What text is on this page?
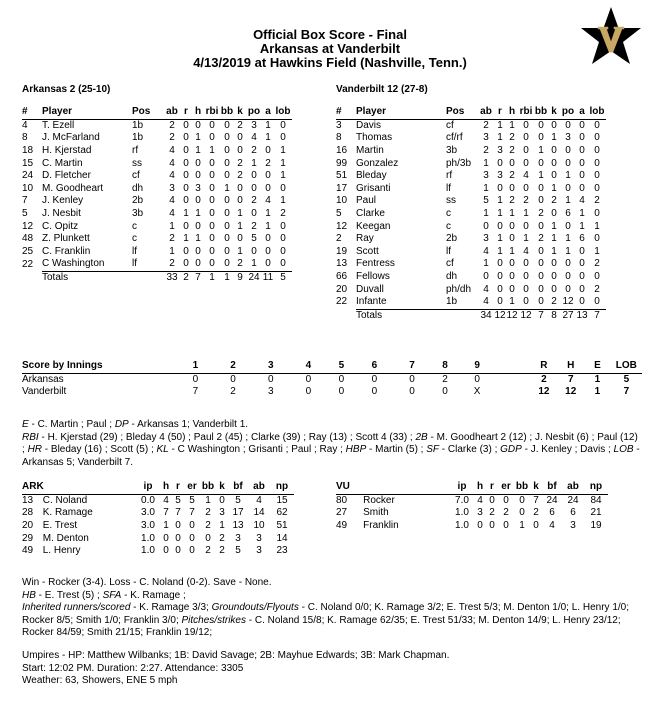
Official Box Score - Final
Arkansas at Vanderbilt
4/13/2019 at Hawkins Field (Nashville, Tenn.)
Arkansas 2 (25-10)	Vanderbilt 12 (27-8)
#	Player	Pos	ab	r	h	rbi	bb	k	po	a	lob
4	T. Ezell	1b	2	0	0	0	0	2	3	1	0
8	J. McFarland	1b	2	0	1	0	0	0	4	1	0
18	H. Kjerstad	rf	4	0	1	1	0	0	2	0	1
15	C. Martin	ss	4	0	0	0	0	2	1	2	1
24	D. Fletcher	cf	4	0	0	0	0	2	0	0	1
10	M. Goodheart	dh	3	0	3	0	1	0	0	0	0
7	J. Kenley	2b	4	0	0	0	0	0	2	4	1
5	J. Nesbit	3b	4	1	1	0	0	1	0	1	2
12	C. Opitz	c	1	0	0	0	0	1	2	1	0
48	Z. Plunkett	c	2	1	1	0	0	0	5	0	0
25	C. Franklin	lf	1	0	0	0	0	1	0	0	0
22	C Washington	lf	2	0	0	0	0	2	1	0	0
	Totals		33	2	7	1	1	9	24	11	5
#	Player	Pos	ab	r	h	rbi	bb	k	po	a	lob
3	Davis	cf	2	1	1	0	0	0	0	0	0
8	Thomas	cf/rf	3	1	2	0	0	1	3	0	0
16	Martin	3b	2	3	2	0	1	0	0	0	0
99	Gonzalez	ph/3b	1	0	0	0	0	0	0	0	0
51	Bleday	rf	3	3	2	4	1	0	1	0	0
17	Grisanti	lf	1	0	0	0	0	1	0	0	0
10	Paul	ss	5	1	2	2	0	2	1	4	2
5	Clarke	c	1	1	1	1	2	0	6	1	0
12	Keegan	c	0	0	0	0	0	1	0	1	1
2	Ray	2b	3	1	0	1	2	1	1	6	0
19	Scott	lf	4	1	1	4	0	1	1	0	1
13	Fentress	cf	1	0	0	0	0	0	0	0	2
66	Fellows	dh	0	0	0	0	0	0	0	0	0
20	Duvall	ph/dh	4	0	0	0	0	0	0	0	2
22	Infante	1b	4	0	1	0	0	2	12	0	0
	Totals		34	12	12	12	7	8	27	13	7
Score by Innings	1	2	3	4	5	6	7	8	9		R	H	E	LOB
Arkansas	0	0	0	0	0	0	0	2	0		2	7	1	5
Vanderbilt	7	2	3	0	0	0	0	0	X		12	12	1	7

E - C. Martin ; Paul ; DP - Arkansas 1; Vanderbilt 1.

RBI - H. Kjerstad (29) ; Bleday 4 (50) ; Paul 2 (45) ; Clarke (39) ; Ray (13) ; Scott 4 (33) ; 2B - M. Goodheart 2 (12) ; J. Nesbit (6) ; Paul (12) ; HR - Bleday (16) ; Scott (5) ; KL - C Washington ; Grisanti ; Paul ; Ray ; HBP - Martin (5) ; SF - Clarke (3) ; GDP - J. Kenley ; Davis ; LOB - Arkansas 5; Vanderbilt 7.

ARK		ip	h	r	er	bb	k	bf	ab	np
13	C. Noland	0.0	4	5	5	1	0	5	4	15
28	K. Ramage	3.0	7	7	7	2	3	17	14	62
20	E. Trest	3.0	1	0	0	2	1	13	10	51
29	M. Denton	1.0	0	0	0	0	2	3	3	14
49	L. Henry	1.0	0	0	0	2	2	5	3	23
VU		ip	h	r	er	bb	k	bf	ab	np
80	Rocker	7.0	4	0	0	0	7	24	24	84
27	Smith	1.0	3	2	2	0	2	6	6	21
49	Franklin	1.0	0	0	0	1	0	4	3	19

Win - Rocker (3-4). Loss - C. Noland (0-2). Save - None.

HB - E. Trest (5) ; SFA - K. Ramage ;

Inherited runners/scored - K. Ramage 3/3; Groundouts/Flyouts - C. Noland 0/0; K. Ramage 3/2; E. Trest 5/3; M. Denton 1/0; L. Henry 1/0; Rocker 8/5; Smith 1/0; Franklin 3/0; Pitches/strikes - C. Noland 15/8; K. Ramage 62/35; E. Trest 51/33; M. Denton 14/9; L. Henry 23/12; Rocker 84/59; Smith 21/15; Franklin 19/12;

Umpires - HP: Matthew Wilbanks; 1B: David Savage; 2B: Mayhue Edwards; 3B: Mark Chapman.

Start: 12:02 PM. Duration: 2:27. Attendance: 3305

Weather: 63, Showers, ENE 5 mph
